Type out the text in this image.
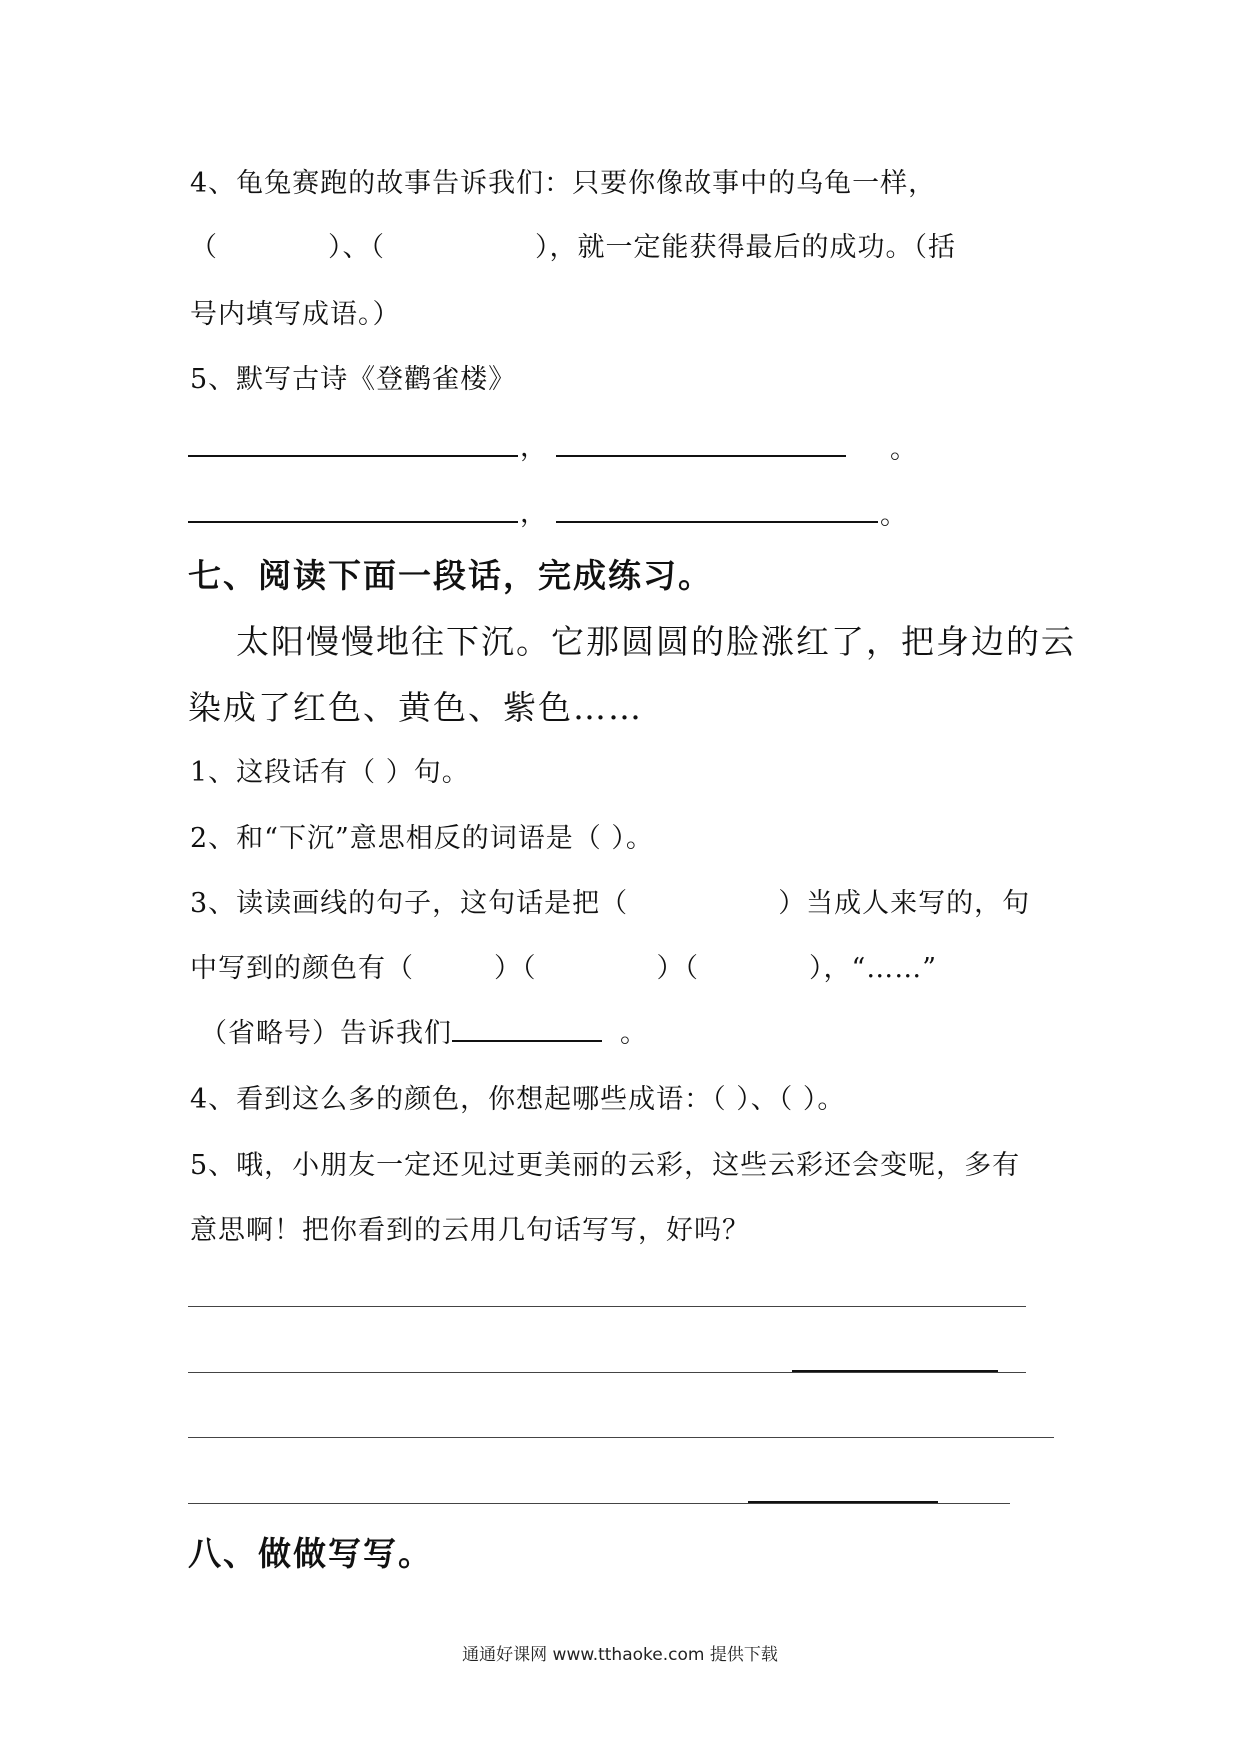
4、龟兔赛跑的故事告诉我们：只要你像故事中的乌龟一样，
（	）、（	），就一定能获得最后的成功。（括
号内填写成语。）
5、默写古诗《登鹳雀楼》
，	。
，	。
七、阅读下面一段话，完成练习。
太阳慢慢地往下沉。它那圆圆的脸涨红了，把身边的云
染成了红色、黄色、紫色……
1、这段话有（ ）句。
2、和“下沉”意思相反的词语是（ ）。
3、读读画线的句子，这句话是把（	）当成人来写的，句
中写到的颜色有（	）（	）（	），“……”
（省略号）告诉我们	。
4、看到这么多的颜色，你想起哪些成语：（ ）、（ ）。
5、哦，小朋友一定还见过更美丽的云彩，这些云彩还会变呢，多有
意思啊！把你看到的云用几句话写写，好吗？
八、做做写写。
通通好课网 www.tthaoke.com 提供下载
